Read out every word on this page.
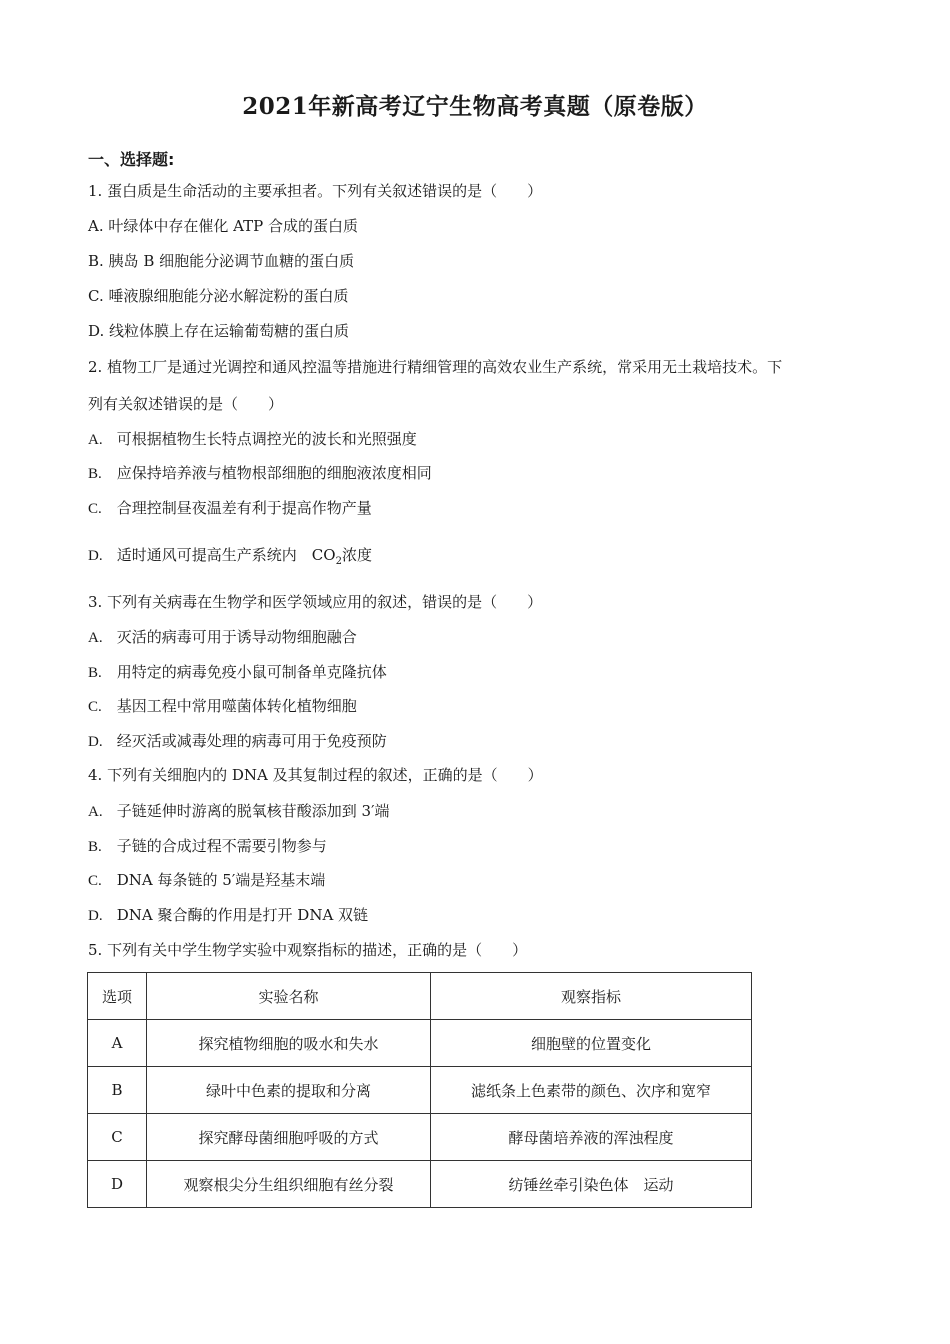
2021年新高考辽宁生物高考真题（原卷版）
一、选择题:
1. 蛋白质是生命活动的主要承担者。下列有关叙述错误的是（　　）
A. 叶绿体中存在催化 ATP 合成的蛋白质
B. 胰岛 B 细胞能分泌调节血糖的蛋白质
C. 唾液腺细胞能分泌水解淀粉的蛋白质
D. 线粒体膜上存在运输葡萄糖的蛋白质
2. 植物工厂是通过光调控和通风控温等措施进行精细管理的高效农业生产系统，常采用无土栽培技术。下
列有关叙述错误的是（　　）
A. 可根据植物生长特点调控光的波长和光照强度
B. 应保持培养液与植物根部细胞的细胞液浓度相同
C. 合理控制昼夜温差有利于提高作物产量
D. 适时通风可提高生产系统内　$CO_2$浓度
3. 下列有关病毒在生物学和医学领域应用的叙述，错误的是（　　）
A. 灭活的病毒可用于诱导动物细胞融合
B. 用特定的病毒免疫小鼠可制备单克隆抗体
C. 基因工程中常用噬菌体转化植物细胞
D. 经灭活或减毒处理的病毒可用于免疫预防
4. 下列有关细胞内的 DNA 及其复制过程的叙述，正确的是（　　）
A. 子链延伸时游离的脱氧核苷酸添加到 3′端
B. 子链的合成过程不需要引物参与
C. DNA 每条链的 5′端是羟基末端
D. DNA 聚合酶的作用是打开 DNA 双链
5. 下列有关中学生物学实验中观察指标的描述，正确的是（　　）
选项	实验名称	观察指标
A	探究植物细胞的吸水和失水	细胞壁的位置变化
B	绿叶中色素的提取和分离	滤纸条上色素带的颜色、次序和宽窄
C	探究酵母菌细胞呼吸的方式	酵母菌培养液的浑浊程度
D	观察根尖分生组织细胞有丝分裂	纺锤丝牵引染色体　运动
